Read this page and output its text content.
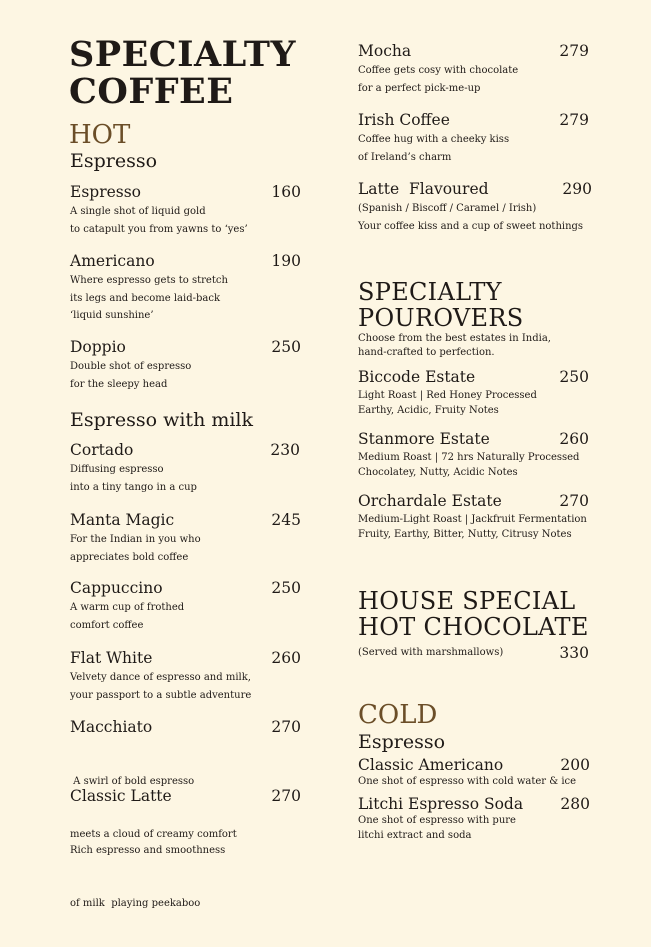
SPECIALTY
COFFEE
HOT
Espresso
Espresso	160
A single shot of liquid gold
to catapult you from yawns to ‘yes’
Americano	190
Where espresso gets to stretch
its legs and become laid-back
‘liquid sunshine’
Doppio	250
Double shot of espresso
for the sleepy head
Espresso with milk
Cortado	230
Diffusing espresso
into a tiny tango in a cup
Manta Magic	245
For the Indian in you who
appreciates bold coffee
Cappuccino	250
A warm cup of frothed
comfort coffee
Flat White	260
Velvety dance of espresso and milk,
your passport to a subtle adventure
Macchiato	270

A swirl of bold espresso

meets a cloud of creamy comfort

Classic Latte	270

Rich espresso and smoothness

of milk  playing peekaboo

Mocha	279
Coffee gets cosy with chocolate
for a perfect pick-me-up
Irish Coffee	279
Coffee hug with a cheeky kiss
of Ireland’s charm
Latte  Flavoured	290
(Spanish / Biscoff / Caramel / Irish)
Your coffee kiss and a cup of sweet nothings
SPECIALTY
POUROVERS
Choose from the best estates in India,
hand-crafted to perfection.
Biccode Estate	250
Light Roast | Red Honey Processed
Earthy, Acidic, Fruity Notes
Stanmore Estate	260
Medium Roast | 72 hrs Naturally Processed
Chocolatey, Nutty, Acidic Notes
Orchardale Estate	270
Medium-Light Roast | Jackfruit Fermentation
Fruity, Earthy, Bitter, Nutty, Citrusy Notes
HOUSE SPECIAL
HOT CHOCOLATE
(Served with marshmallows)	330
COLD
Espresso
Classic Americano	200
One shot of espresso with cold water & ice
Litchi Espresso Soda 280
One shot of espresso with pure
litchi extract and soda
